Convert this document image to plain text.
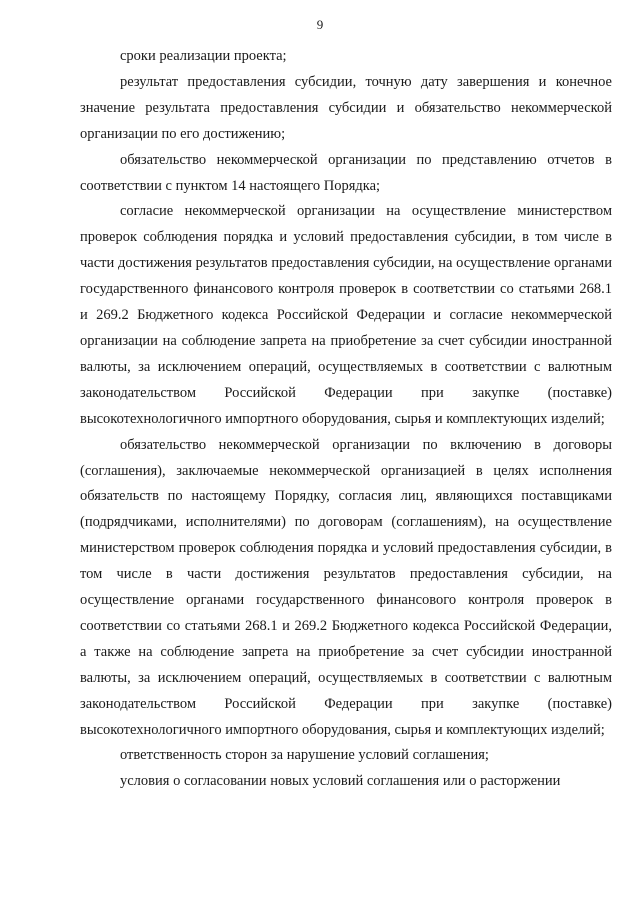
9

сроки реализации проекта;

результат предоставления субсидии, точную дату завершения и конечное значение результата предоставления субсидии и обязательство некоммерческой организации по его достижению;

обязательство некоммерческой организации по представлению отчетов в соответствии с пунктом 14 настоящего Порядка;

согласие некоммерческой организации на осуществление министерством проверок соблюдения порядка и условий предоставления субсидии, в том числе в части достижения результатов предоставления субсидии, на осуществление органами государственного финансового контроля проверок в соответствии со статьями 268.1 и 269.2 Бюджетного кодекса Российской Федерации и согласие некоммерческой организации на соблюдение запрета на приобретение за счет субсидии иностранной валюты, за исключением операций, осуществляемых в соответствии с валютным законодательством Российской Федерации при закупке (поставке) высокотехнологичного импортного оборудования, сырья и комплектующих изделий;

обязательство некоммерческой организации по включению в договоры (соглашения), заключаемые некоммерческой организацией в целях исполнения обязательств по настоящему Порядку, согласия лиц, являющихся поставщиками (подрядчиками, исполнителями) по договорам (соглашениям), на осуществление министерством проверок соблюдения порядка и условий предоставления субсидии, в том числе в части достижения результатов предоставления субсидии, на осуществление органами государственного финансового контроля проверок в соответствии со статьями 268.1 и 269.2 Бюджетного кодекса Российской Федерации, а также на соблюдение запрета на приобретение за счет субсидии иностранной валюты, за исключением операций, осуществляемых в соответствии с валютным законодательством Российской Федерации при закупке (поставке) высокотехнологичного импортного оборудования, сырья и комплектующих изделий;

ответственность сторон за нарушение условий соглашения;

условия о согласовании новых условий соглашения или о расторжении
